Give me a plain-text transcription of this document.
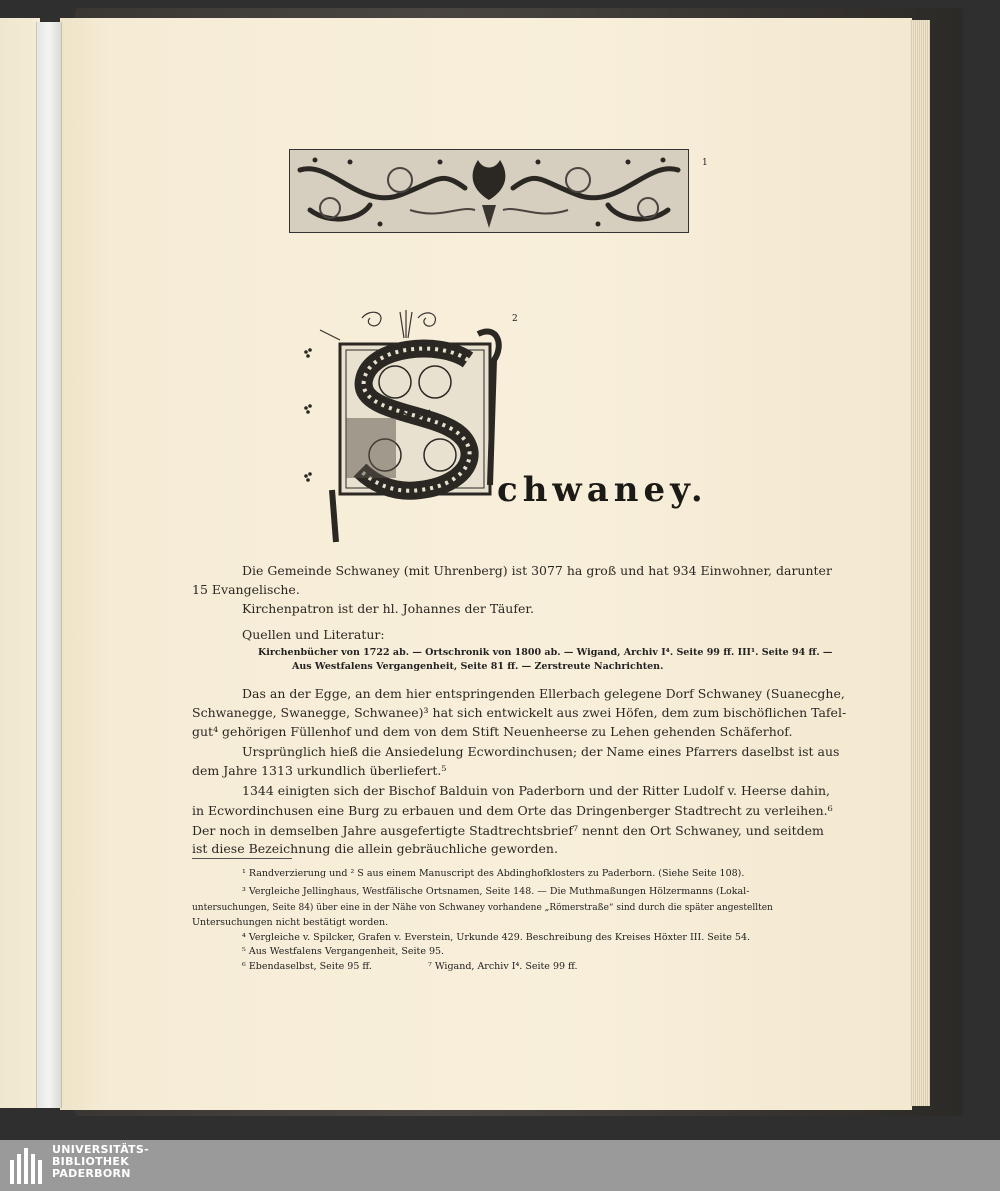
1
2
chwaney.
Die Gemeinde Schwaney (mit Uhrenberg) ist 3077 ha groß und hat 934 Einwohner, darunter
15 Evangelische.
Kirchenpatron ist der hl. Johannes der Täufer.
Quellen und Literatur:
Kirchenbücher von 1722 ab. — Ortschronik von 1800 ab. — Wigand, Archiv I⁴. Seite 99 ff. III¹. Seite 94 ff. —
Aus Westfalens Vergangenheit, Seite 81 ff. — Zerstreute Nachrichten.
Das an der Egge, an dem hier entspringenden Ellerbach gelegene Dorf Schwaney (Suanecghe,
Schwanegge, Swanegge, Schwanee)³ hat sich entwickelt aus zwei Höfen, dem zum bischöflichen Tafel-
gut⁴ gehörigen Füllenhof und dem von dem Stift Neuenheerse zu Lehen gehenden Schäferhof.
Ursprünglich hieß die Ansiedelung Ecwordinchusen; der Name eines Pfarrers daselbst ist aus
dem Jahre 1313 urkundlich überliefert.⁵
1344 einigten sich der Bischof Balduin von Paderborn und der Ritter Ludolf v. Heerse dahin,
in Ecwordinchusen eine Burg zu erbauen und dem Orte das Dringenberger Stadtrecht zu verleihen.⁶
Der noch in demselben Jahre ausgefertigte Stadtrechtsbrief⁷ nennt den Ort Schwaney, und seitdem
ist diese Bezeichnung die allein gebräuchliche geworden.
¹ Randverzierung und ² S aus einem Manuscript des Abdinghofklosters zu Paderborn. (Siehe Seite 108).
³ Vergleiche Jellinghaus, Westfälische Ortsnamen, Seite 148. — Die Muthmaßungen Hölzermanns (Lokal-
untersuchungen, Seite 84) über eine in der Nähe von Schwaney vorhandene „Römerstraße“ sind durch die später angestellten
Untersuchungen nicht bestätigt worden.
⁴ Vergleiche v. Spilcker, Grafen v. Everstein, Urkunde 429. Beschreibung des Kreises Höxter III. Seite 54.
⁵ Aus Westfalens Vergangenheit, Seite 95.
⁶ Ebendaselbst, Seite 95 ff.	⁷ Wigand, Archiv I⁴. Seite 99 ff.
UNIVERSITÄTS-
BIBLIOTHEK
PADERBORN
